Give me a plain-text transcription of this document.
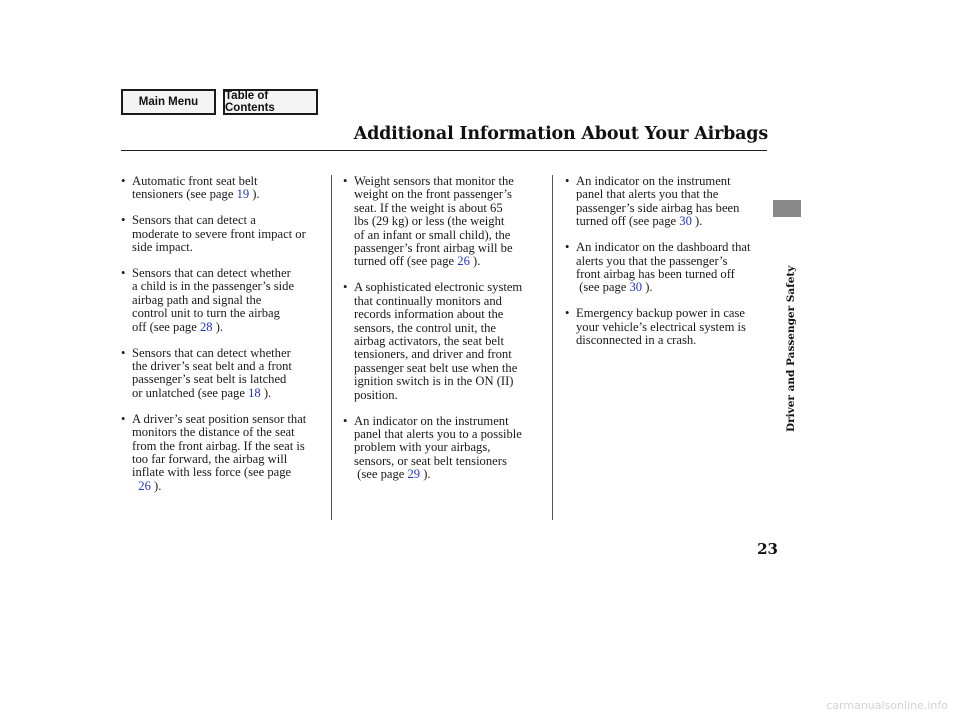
Main Menu	Table of Contents
Additional Information About Your Airbags
• Automatic front seat belt
tensioners (see page 19 ).
• Sensors that can detect a
moderate to severe front impact or
side impact.
• Sensors that can detect whether
a child is in the passenger’s side
airbag path and signal the
control unit to turn the airbag
off (see page 28 ).
• Sensors that can detect whether
the driver’s seat belt and a front
passenger’s seat belt is latched
or unlatched (see page 18 ).
• A driver’s seat position sensor that
monitors the distance of the seat
from the front airbag. If the seat is
too far forward, the airbag will
inflate with less force (see page
26 ).
• Weight sensors that monitor the
weight on the front passenger’s
seat. If the weight is about 65
lbs (29 kg) or less (the weight
of an infant or small child), the
passenger’s front airbag will be
turned off (see page 26 ).
• A sophisticated electronic system
that continually monitors and
records information about the
sensors, the control unit, the
airbag activators, the seat belt
tensioners, and driver and front
passenger seat belt use when the
ignition switch is in the ON (II)
position.
• An indicator on the instrument
panel that alerts you to a possible
problem with your airbags,
sensors, or seat belt tensioners
(see page 29 ).
• An indicator on the instrument
panel that alerts you that the
passenger’s side airbag has been
turned off (see page 30 ).
• An indicator on the dashboard that
alerts you that the passenger’s
front airbag has been turned off
(see page 30 ).
• Emergency backup power in case
your vehicle’s electrical system is
disconnected in a crash.	Driver and Passenger Safety
23
carmanualsonline.info
